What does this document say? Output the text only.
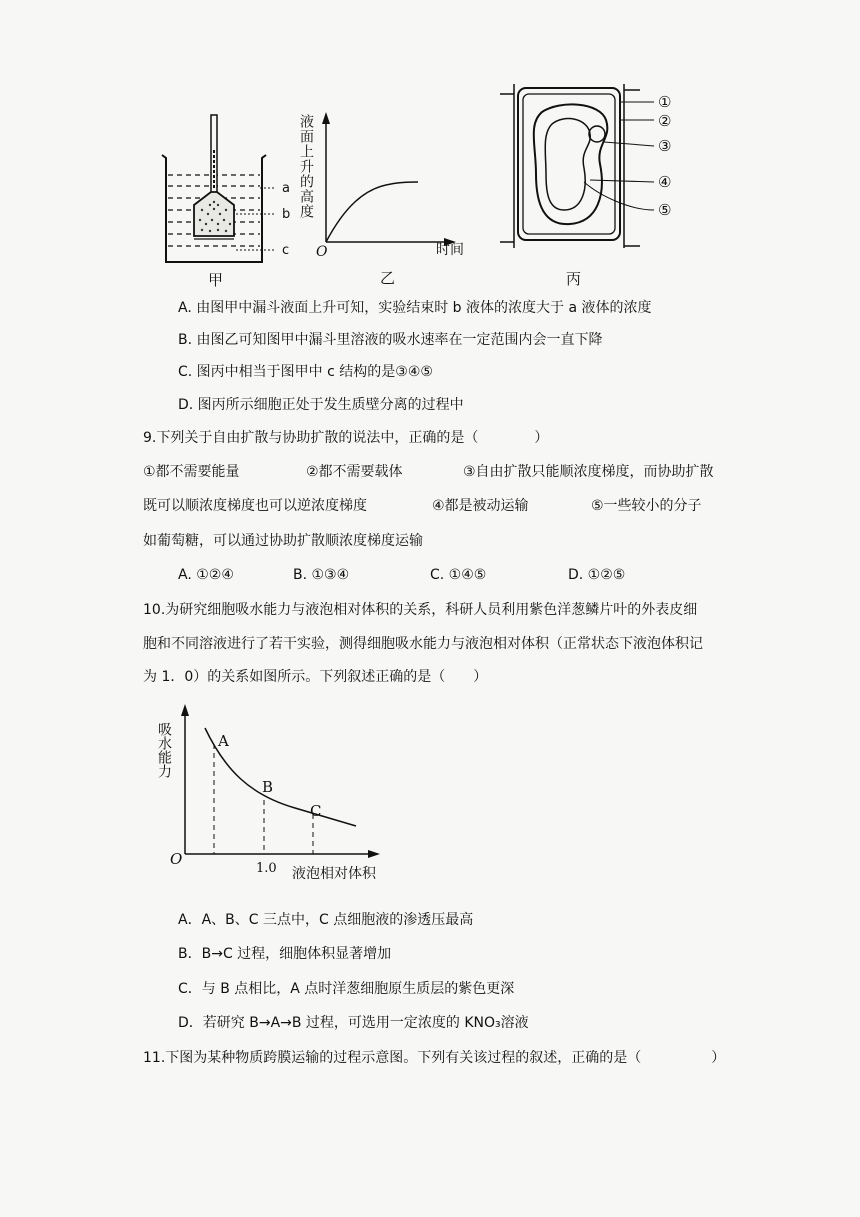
a
b
c
甲
液面上升的高度
O	时间
乙
①
②
③
④
⑤
丙
A. 由图甲中漏斗液面上升可知，实验结束时 b 液体的浓度大于 a 液体的浓度
B. 由图乙可知图甲中漏斗里溶液的吸水速率在一定范围内会一直下降
C. 图丙中相当于图甲中 c 结构的是③④⑤
D. 图丙所示细胞正处于发生质壁分离的过程中
9.下列关于自由扩散与协助扩散的说法中，正确的是（　　　　）
①都不需要能量	②都不需要载体	③自由扩散只能顺浓度梯度，而协助扩散
既可以顺浓度梯度也可以逆浓度梯度	④都是被动运输	⑤一些较小的分子
如葡萄糖，可以通过协助扩散顺浓度梯度运输
A. ①②④	B. ①③④	C. ①④⑤	D. ①②⑤
10.为研究细胞吸水能力与液泡相对体积的关系，科研人员利用紫色洋葱鳞片叶的外表皮细
胞和不同溶液进行了若干实验，测得细胞吸水能力与液泡相对体积（正常状态下液泡体积记
为 1．0）的关系如图所示。下列叙述正确的是（　　）
A
B
C
吸水能力
O
1.0 液泡相对体积
A．A、B、C 三点中，C 点细胞液的渗透压最高
B．B→C 过程，细胞体积显著增加
C．与 B 点相比，A 点时洋葱细胞原生质层的紫色更深
D．若研究 B→A→B 过程，可选用一定浓度的 KNO₃溶液
11.下图为某种物质跨膜运输的过程示意图。下列有关该过程的叙述，正确的是（　　　　　）
